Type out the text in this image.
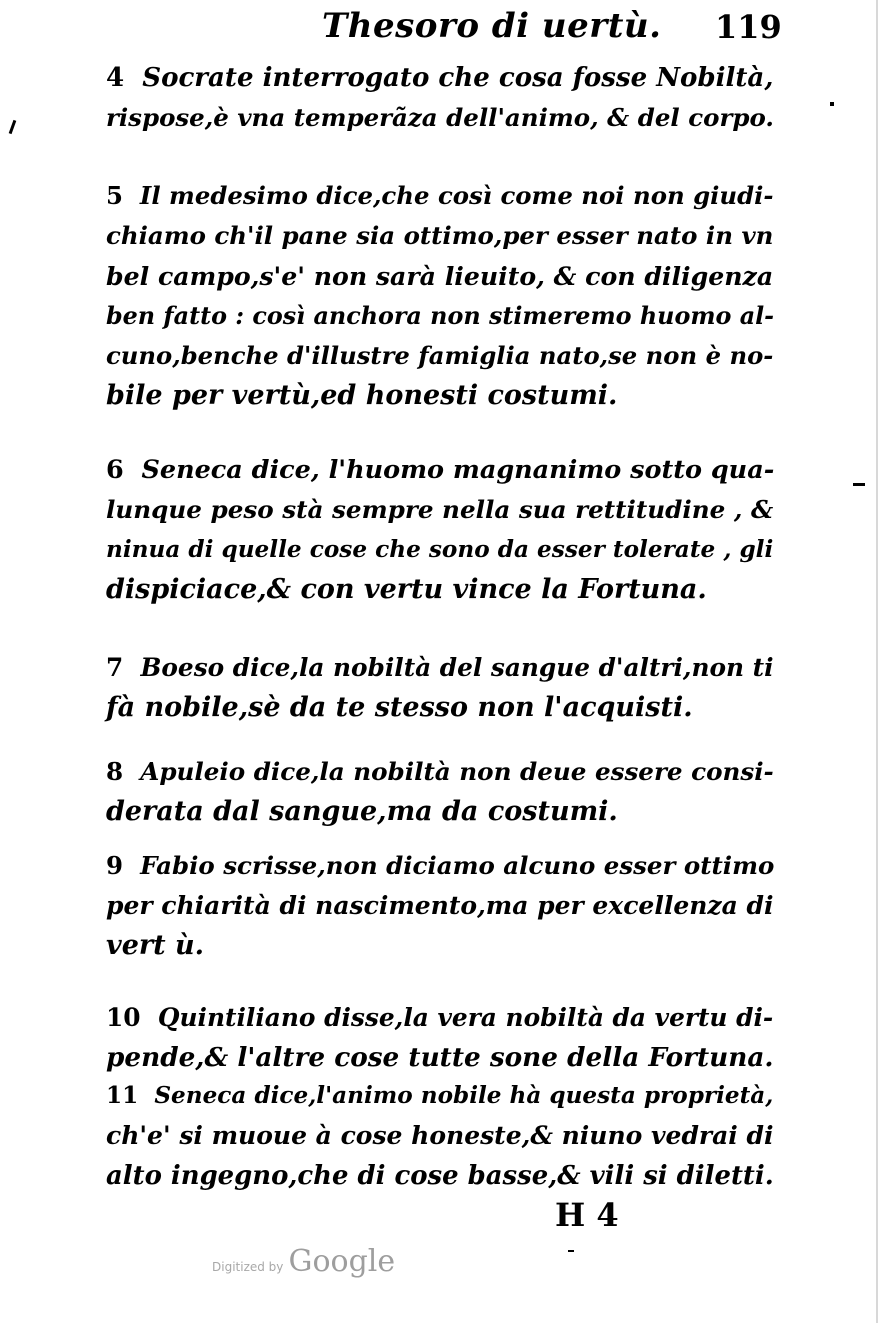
Thesoro di uertù. 119
4 Socrate interrogato che cosa fosse Nobiltà,
rispose,è vna temperãza dell'animo, & del corpo.
5 Il medesimo dice,che così come noi non giudi-
chiamo ch'il pane sia ottimo,per esser nato in vn
bel campo,s'e' non sarà lieuito, & con diligenza
ben fatto : così anchora non stimeremo huomo al-
cuno,benche d'illustre famiglia nato,se non è no-
bile per vertù,ed honesti costumi.
6 Seneca dice, l'huomo magnanimo sotto qua-
lunque peso stà sempre nella sua rettitudine , &
ninua di quelle cose che sono da esser tolerate , gli
dispiciace,& con vertu vince la Fortuna.
7 Boeso dice,la nobiltà del sangue d'altri,non ti
fà nobile,sè da te stesso non l'acquisti.
8 Apuleio dice,la nobiltà non deue essere consi-
derata dal sangue,ma da costumi.
9 Fabio scrisse,non diciamo alcuno esser ottimo
per chiarità di nascimento,ma per excellenza di
vert ù.
10 Quintiliano disse,la vera nobiltà da vertu di-
pende,& l'altre cose tutte sone della Fortuna.
11 Seneca dice,l'animo nobile hà questa proprietà,
ch'e' si muoue à cose honeste,& niuno vedrai di
alto ingegno,che di cose basse,& vili si diletti.
H 4
Digitized by Google
